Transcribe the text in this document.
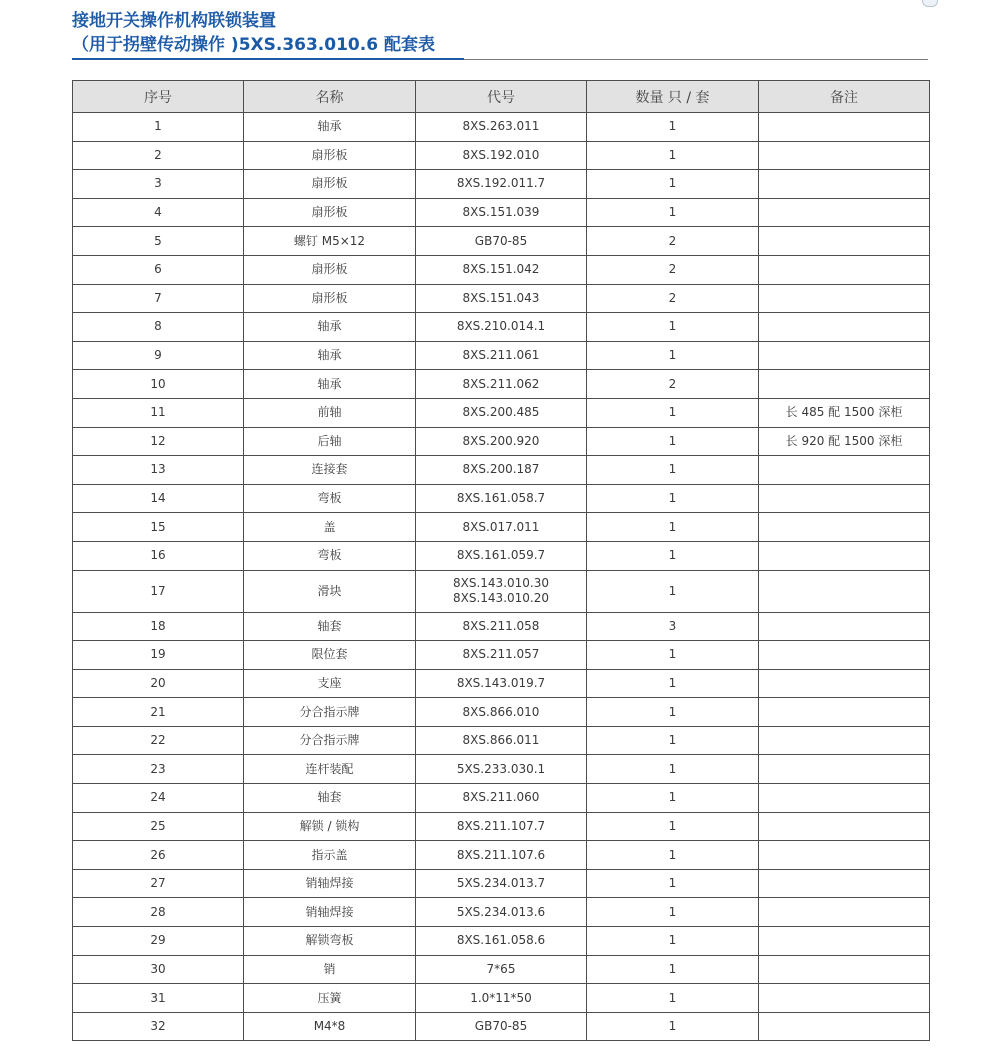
接地开关操作机构联锁装置
（用于拐壁传动操作 )5XS.363.010.6 配套表
序号	名称	代号	数量 只 / 套	备注
1	轴承	8XS.263.011	1	
2	扇形板	8XS.192.010	1	
3	扇形板	8XS.192.011.7	1	
4	扇形板	8XS.151.039	1	
5	螺钉 M5×12	GB70-85	2	
6	扇形板	8XS.151.042	2	
7	扇形板	8XS.151.043	2	
8	轴承	8XS.210.014.1	1	
9	轴承	8XS.211.061	1	
10	轴承	8XS.211.062	2	
11	前轴	8XS.200.485	1	长 485 配 1500 深柜
12	后轴	8XS.200.920	1	长 920 配 1500 深柜
13	连接套	8XS.200.187	1	
14	弯板	8XS.161.058.7	1	
15	盖	8XS.017.011	1	
16	弯板	8XS.161.059.7	1	
17	滑块	8XS.143.010.30
8XS.143.010.20	1	
18	轴套	8XS.211.058	3	
19	限位套	8XS.211.057	1	
20	支座	8XS.143.019.7	1	
21	分合指示牌	8XS.866.010	1	
22	分合指示牌	8XS.866.011	1	
23	连杆装配	5XS.233.030.1	1	
24	轴套	8XS.211.060	1	
25	解锁 / 锁构	8XS.211.107.7	1	
26	指示盖	8XS.211.107.6	1	
27	销轴焊接	5XS.234.013.7	1	
28	销轴焊接	5XS.234.013.6	1	
29	解锁弯板	8XS.161.058.6	1	
30	销	7*65	1	
31	压簧	1.0*11*50	1	
32	M4*8	GB70-85	1	
